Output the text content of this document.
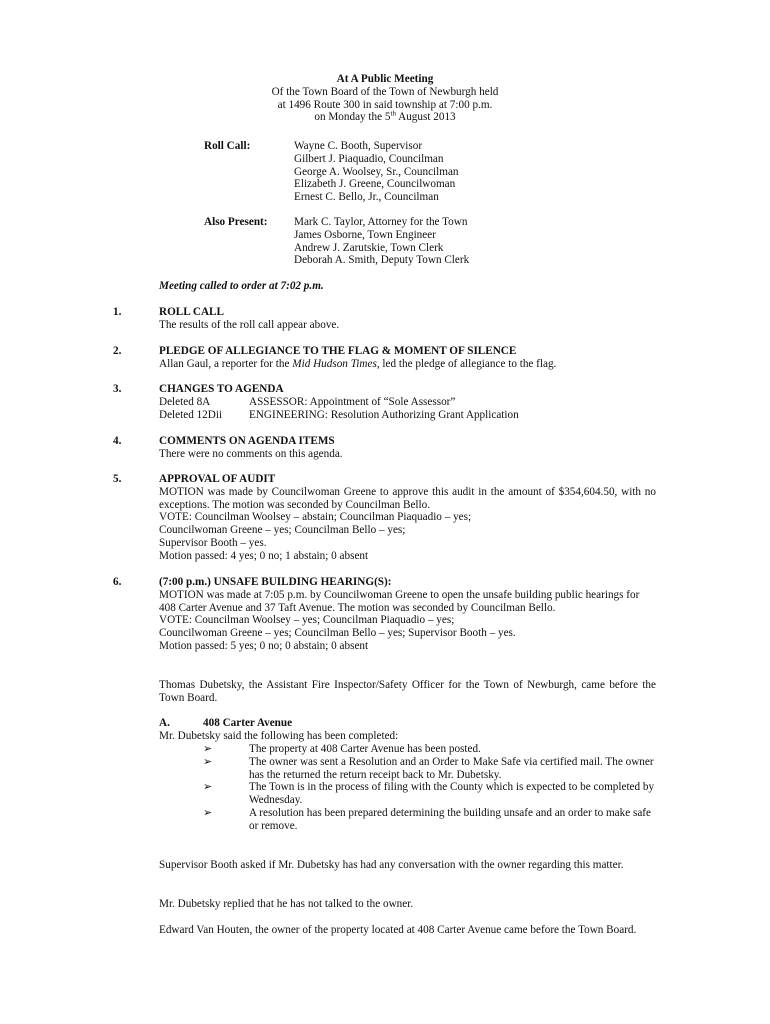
At A Public Meeting
Of the Town Board of the Town of Newburgh held
at 1496 Route 300 in said township at 7:00 p.m.
on Monday the 5th August 2013
Roll Call:	Wayne C. Booth, Supervisor
Gilbert J. Piaquadio, Councilman
George A. Woolsey, Sr., Councilman
Elizabeth J. Greene, Councilwoman
Ernest C. Bello, Jr., Councilman
Also Present:	Mark C. Taylor, Attorney for the Town
James Osborne, Town Engineer
Andrew J. Zarutskie, Town Clerk
Deborah A. Smith, Deputy Town Clerk
Meeting called to order at 7:02 p.m.
1.	ROLL CALL
The results of the roll call appear above.
2.	PLEDGE OF ALLEGIANCE TO THE FLAG & MOMENT OF SILENCE
Allan Gaul, a reporter for the Mid Hudson Times, led the pledge of allegiance to the flag.
3.	CHANGES TO AGENDA
Deleted 8A	ASSESSOR: Appointment of “Sole Assessor”
Deleted 12Dii	ENGINEERING: Resolution Authorizing Grant Application
4.	COMMENTS ON AGENDA ITEMS
There were no comments on this agenda.
5.	APPROVAL OF AUDIT
MOTION was made by Councilwoman Greene to approve this audit in the amount of $354,604.50, with no exceptions. The motion was seconded by Councilman Bello.
VOTE: Councilman Woolsey – abstain; Councilman Piaquadio – yes;
Councilwoman Greene – yes; Councilman Bello – yes;
Supervisor Booth – yes.
Motion passed: 4 yes; 0 no; 1 abstain; 0 absent
6.	(7:00 p.m.) UNSAFE BUILDING HEARING(S):
MOTION was made at 7:05 p.m. by Councilwoman Greene to open the unsafe building public hearings for 408 Carter Avenue and 37 Taft Avenue. The motion was seconded by Councilman Bello.
VOTE: Councilman Woolsey – yes; Councilman Piaquadio – yes;
Councilwoman Greene – yes; Councilman Bello – yes; Supervisor Booth – yes.
Motion passed: 5 yes; 0 no; 0 abstain; 0 absent
Thomas Dubetsky, the Assistant Fire Inspector/Safety Officer for the Town of Newburgh, came before the Town Board.
A.	408 Carter Avenue
Mr. Dubetsky said the following has been completed:
➢	The property at 408 Carter Avenue has been posted.
➢	The owner was sent a Resolution and an Order to Make Safe via certified mail. The owner has the returned the return receipt back to Mr. Dubetsky.
➢	The Town is in the process of filing with the County which is expected to be completed by Wednesday.
➢	A resolution has been prepared determining the building unsafe and an order to make safe or remove.
Supervisor Booth asked if Mr. Dubetsky has had any conversation with the owner regarding this matter.
Mr. Dubetsky replied that he has not talked to the owner.
Edward Van Houten, the owner of the property located at 408 Carter Avenue came before the Town Board.
